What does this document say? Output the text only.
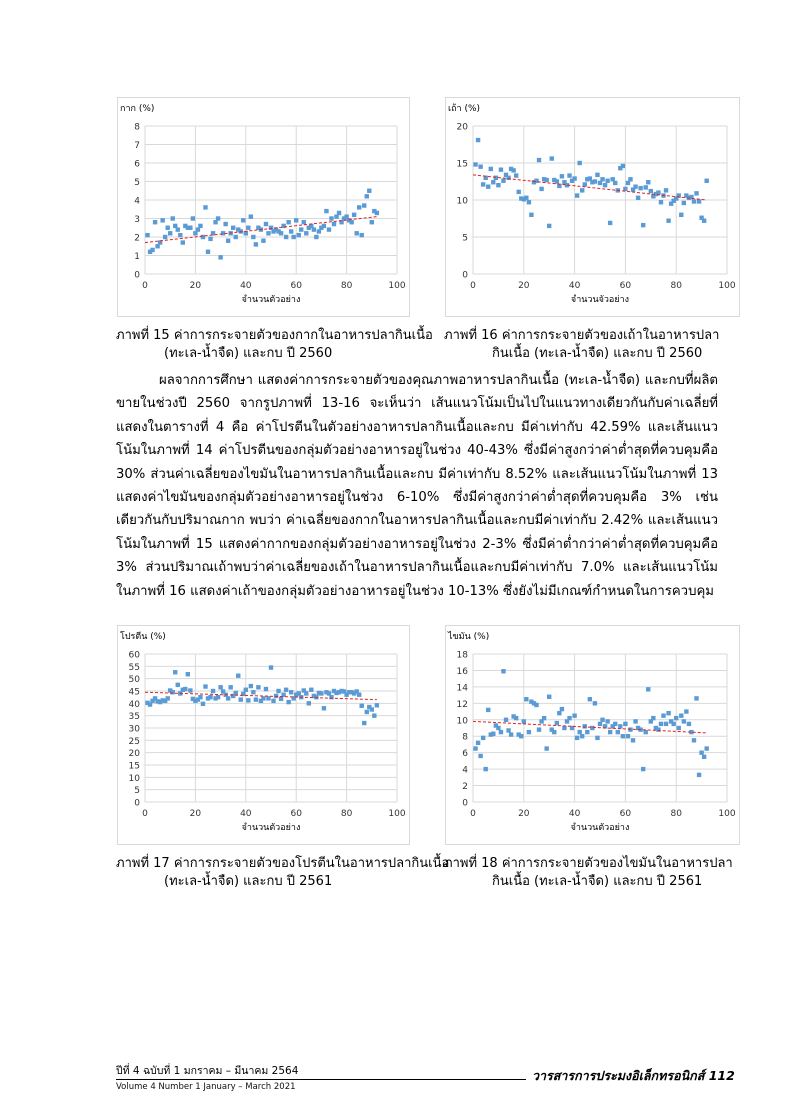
กาก (%)
0
1
2
3
4
5
6
7
8
0	20	40	60	80	100
จำนวนตัวอย่าง
เถ้า (%)
0
5
10
15
20
0	20	40	60	80	100
จำนวนจัวอย่าง
ภาพที่ 15 ค่าการกระจายตัวของกากในอาหารปลากินเนื้อ
(ทะเล-น้ำจืด) และกบ ปี 2560
ภาพที่ 16 ค่าการกระจายตัวของเถ้าในอาหารปลา
กินเนื้อ (ทะเล-น้ำจืด) และกบ ปี 2560

ผลจากการศึกษา แสดงค่าการกระจายตัวของคุณภาพอาหารปลากินเนื้อ (ทะเล-น้ำจืด) และกบที่ผลิตขายในช่วงปี 2560 จากรูปภาพที่ 13-16 จะเห็นว่า เส้นแนวโน้มเป็นไปในแนวทางเดียวกันกับค่าเฉลี่ยที่แสดงในตารางที่ 4 คือ ค่าโปรตีนในตัวอย่างอาหารปลากินเนื้อและกบ มีค่าเท่ากับ 42.59% และเส้นแนวโน้มในภาพที่ 14 ค่าโปรตีนของกลุ่มตัวอย่างอาหารอยู่ในช่วง 40-43% ซึ่งมีค่าสูงกว่าค่าต่ำสุดที่ควบคุมคือ 30% ส่วนค่าเฉลี่ยของไขมันในอาหารปลากินเนื้อและกบ มีค่าเท่ากับ 8.52% และเส้นแนวโน้มในภาพที่ 13 แสดงค่าไขมันของกลุ่มตัวอย่างอาหารอยู่ในช่วง 6-10% ซึ่งมีค่าสูงกว่าค่าต่ำสุดที่ควบคุมคือ 3% เช่นเดียวกันกับปริมาณกาก พบว่า ค่าเฉลี่ยของกากในอาหารปลากินเนื้อและกบมีค่าเท่ากับ 2.42% และเส้นแนวโน้มในภาพที่ 15 แสดงค่ากากของกลุ่มตัวอย่างอาหารอยู่ในช่วง 2-3% ซึ่งมีค่าต่ำกว่าค่าต่ำสุดที่ควบคุมคือ 3% ส่วนปริมาณเถ้าพบว่าค่าเฉลี่ยของเถ้าในอาหารปลากินเนื้อและกบมีค่าเท่ากับ 7.0% และเส้นแนวโน้มในภาพที่ 16 แสดงค่าเถ้าของกลุ่มตัวอย่างอาหารอยู่ในช่วง 10-13% ซึ่งยังไม่มีเกณฑ์กำหนดในการควบคุม

โปรตีน (%)
0
5
10
15
20
25
30
35
40
45
50
55
60
0	20	40	60	80	100
จำนวนตัวอย่าง
ไขมัน (%)
0
2
4
6
8
10
12
14
16
18
0	20	40	60	80	100
จำนวนตัวอย่าง
ภาพที่ 17 ค่าการกระจายตัวของโปรตีนในอาหารปลากินเนื้อ
(ทะเล-น้ำจืด) และกบ ปี 2561
ภาพที่ 18 ค่าการกระจายตัวของไขมันในอาหารปลา
กินเนื้อ (ทะเล-น้ำจืด) และกบ ปี 2561
ปีที่ 4 ฉบับที่ 1 มกราคม – มีนาคม 2564
Volume 4 Number 1 January – March 2021
วารสารการประมงอิเล็กทรอนิกส์ 112
